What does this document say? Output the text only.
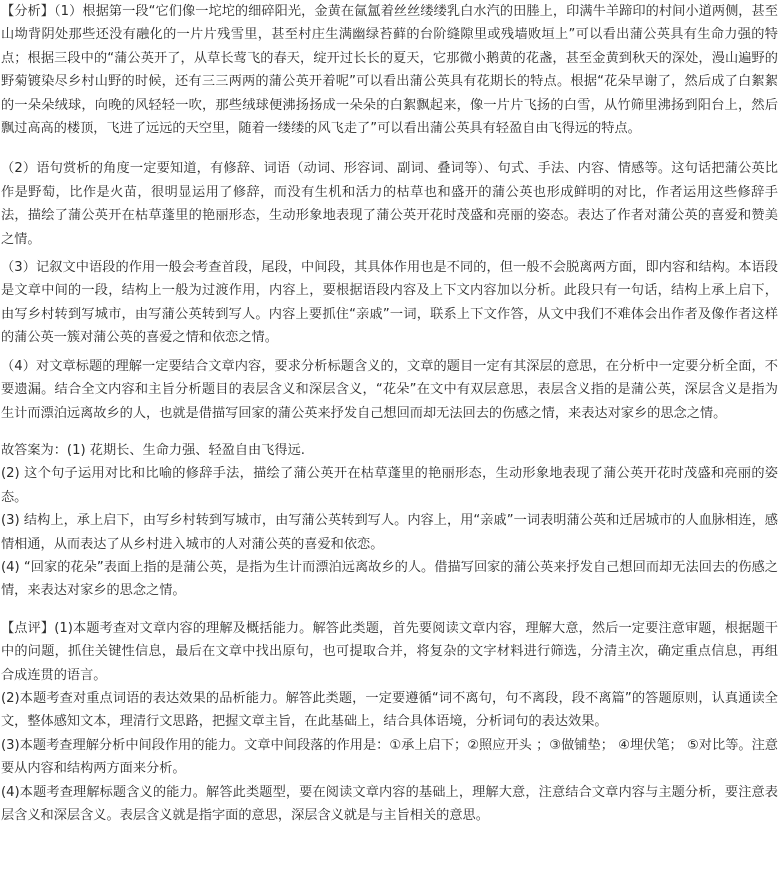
【分析】（1）根据第一段“它们像一坨坨的细碎阳光，金黄在氤氲着丝丝缕缕乳白水汽的田塍上，印满牛羊蹄印的村间小道两侧，甚至山坳背阴处那些还没有融化的一片片残雪里，甚至村庄生满幽绿苔藓的台阶缝隙里或残墙败垣上”可以看出蒲公英具有生命力强的特点；根据三段中的“蒲公英开了，从草长莺飞的春天，绽开过长长的夏天，它那微小鹅黄的花盏，甚至金黄到秋天的深处，漫山遍野的野菊镀染尽乡村山野的时候，还有三三两两的蒲公英开着呢”可以看出蒲公英具有花期长的特点。根据“花朵早谢了，然后成了白絮絮的一朵朵绒球，向晚的风轻轻一吹，那些绒球便沸扬扬成一朵朵的白絮飘起来，像一片片飞扬的白雪，从竹筛里沸扬到阳台上，然后飘过高高的楼顶，飞进了远远的天空里，随着一缕缕的风飞走了”可以看出蒲公英具有轻盈自由飞得远的特点。

（2）语句赏析的角度一定要知道，有修辞、词语（动词、形容词、副词、叠词等）、句式、手法、内容、情感等。这句话把蒲公英比作是野萄，比作是火苗，很明显运用了修辞，而没有生机和活力的枯草也和盛开的蒲公英也形成鲜明的对比，作者运用这些修辞手法，描绘了蒲公英开在枯草蓬里的艳丽形态，生动形象地表现了蒲公英开花时茂盛和亮丽的姿态。表达了作者对蒲公英的喜爱和赞美之情。

（3）记叙文中语段的作用一般会考查首段，尾段，中间段，其具体作用也是不同的，但一般不会脱离两方面，即内容和结构。本语段是文章中间的一段，结构上一般为过渡作用，内容上，要根据语段内容及上下文内容加以分析。此段只有一句话，结构上承上启下，由写乡村转到写城市，由写蒲公英转到写人。内容上要抓住“亲戚”一词，联系上下文作答，从文中我们不难体会出作者及像作者这样的蒲公英一簇对蒲公英的喜爱之情和依恋之情。

（4）对文章标题的理解一定要结合文章内容，要求分析标题含义的，文章的题目一定有其深层的意思，在分析中一定要分析全面，不要遗漏。结合全文内容和主旨分析题目的表层含义和深层含义，“花朵”在文中有双层意思，表层含义指的是蒲公英，深层含义是指为生计而漂泊远离故乡的人，也就是借描写回家的蒲公英来抒发自己想回而却无法回去的伤感之情，来表达对家乡的思念之情。

故答案为：(1) 花期长、生命力强、轻盈自由飞得远.

(2) 这个句子运用对比和比喻的修辞手法，描绘了蒲公英开在枯草蓬里的艳丽形态，生动形象地表现了蒲公英开花时茂盛和亮丽的姿态。

(3) 结构上，承上启下，由写乡村转到写城市，由写蒲公英转到写人。内容上，用“亲戚”一词表明蒲公英和迁居城市的人血脉相连，感情相通，从而表达了从乡村进入城市的人对蒲公英的喜爱和依恋。

(4) “回家的花朵”表面上指的是蒲公英，是指为生计而漂泊远离故乡的人。借描写回家的蒲公英来抒发自己想回而却无法回去的伤感之情，来表达对家乡的思念之情。

【点评】(1)本题考查对文章内容的理解及概括能力。解答此类题，首先要阅读文章内容，理解大意，然后一定要注意审题，根据题干中的问题，抓住关键性信息，最后在文章中找出原句，也可提取合并，将复杂的文字材料进行筛选，分清主次，确定重点信息，再组合成连贯的语言。

(2)本题考查对重点词语的表达效果的品析能力。解答此类题，一定要遵循“词不离句，句不离段，段不离篇”的答题原则，认真通读全文，整体感知文本，理清行文思路，把握文章主旨，在此基础上，结合具体语境，分析词句的表达效果。

(3)本题考查理解分析中间段作用的能力。文章中间段落的作用是：①承上启下；②照应开头 ；③做铺垫； ④埋伏笔； ⑤对比等。注意要从内容和结构两方面来分析。

(4)本题考查理解标题含义的能力。解答此类题型，要在阅读文章内容的基础上，理解大意，注意结合文章内容与主题分析，要注意表层含义和深层含义。表层含义就是指字面的意思，深层含义就是与主旨相关的意思。
